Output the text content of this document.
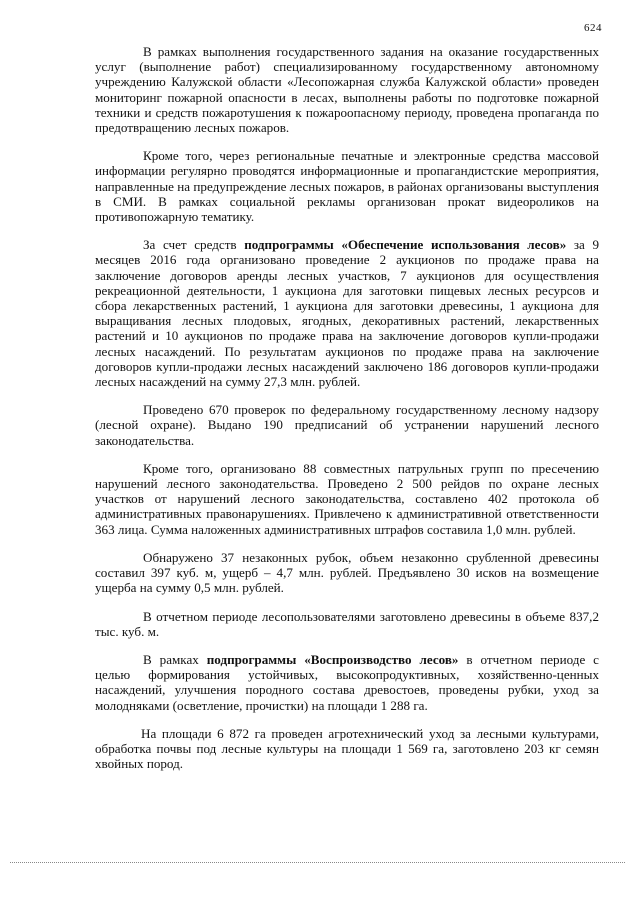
624

В рамках выполнения государственного задания на оказание государственных услуг (выполнение работ) специализированному государственному автономному учреждению Калужской области «Лесопожарная служба Калужской области» проведен мониторинг пожарной опасности в лесах, выполнены работы по подготовке пожарной техники и средств пожаротушения к пожароопасному периоду, проведена пропаганда по предотвращению лесных пожаров.

Кроме того, через региональные печатные и электронные средства массовой информации регулярно проводятся информационные и пропагандистские мероприятия, направленные на предупреждение лесных пожаров, в районах организованы выступления в СМИ. В рамках социальной рекламы организован прокат видеороликов на противопожарную тематику.

За счет средств подпрограммы «Обеспечение использования лесов» за 9 месяцев 2016 года организовано проведение 2 аукционов по продаже права на заключение договоров аренды лесных участков, 7 аукционов для осуществления рекреационной деятельности, 1 аукциона для заготовки пищевых лесных ресурсов и сбора лекарственных растений, 1 аукциона для заготовки древесины, 1 аукциона для выращивания лесных плодовых, ягодных, декоративных растений, лекарственных растений и 10 аукционов по продаже права на заключение договоров купли-продажи лесных насаждений. По результатам аукционов по продаже права на заключение договоров купли-продажи лесных насаждений заключено 186 договоров купли-продажи лесных насаждений на сумму 27,3 млн. рублей.

Проведено 670 проверок по федеральному государственному лесному надзору (лесной охране). Выдано 190 предписаний об устранении нарушений лесного законодательства.

Кроме того, организовано 88 совместных патрульных групп по пресечению нарушений лесного законодательства. Проведено 2 500 рейдов по охране лесных участков от нарушений лесного законодательства, составлено 402 протокола об административных правонарушениях. Привлечено к административной ответственности 363 лица. Сумма наложенных административных штрафов составила 1,0 млн. рублей.

Обнаружено 37 незаконных рубок, объем незаконно срубленной древесины составил 397 куб. м, ущерб – 4,7 млн. рублей. Предъявлено 30 исков на возмещение ущерба на сумму 0,5 млн. рублей.

В отчетном периоде лесопользователями заготовлено древесины в объеме 837,2 тыс. куб. м.

В рамках подпрограммы «Воспроизводство лесов» в отчетном периоде с целью формирования устойчивых, высокопродуктивных, хозяйственно-ценных насаждений, улучшения породного состава древостоев, проведены рубки, уход за молодняками (осветление, прочистки) на площади 1 288 га.

На площади 6 872 га проведен агротехнический уход за лесными культурами, обработка почвы под лесные культуры на площади 1 569 га, заготовлено 203 кг семян хвойных пород.
